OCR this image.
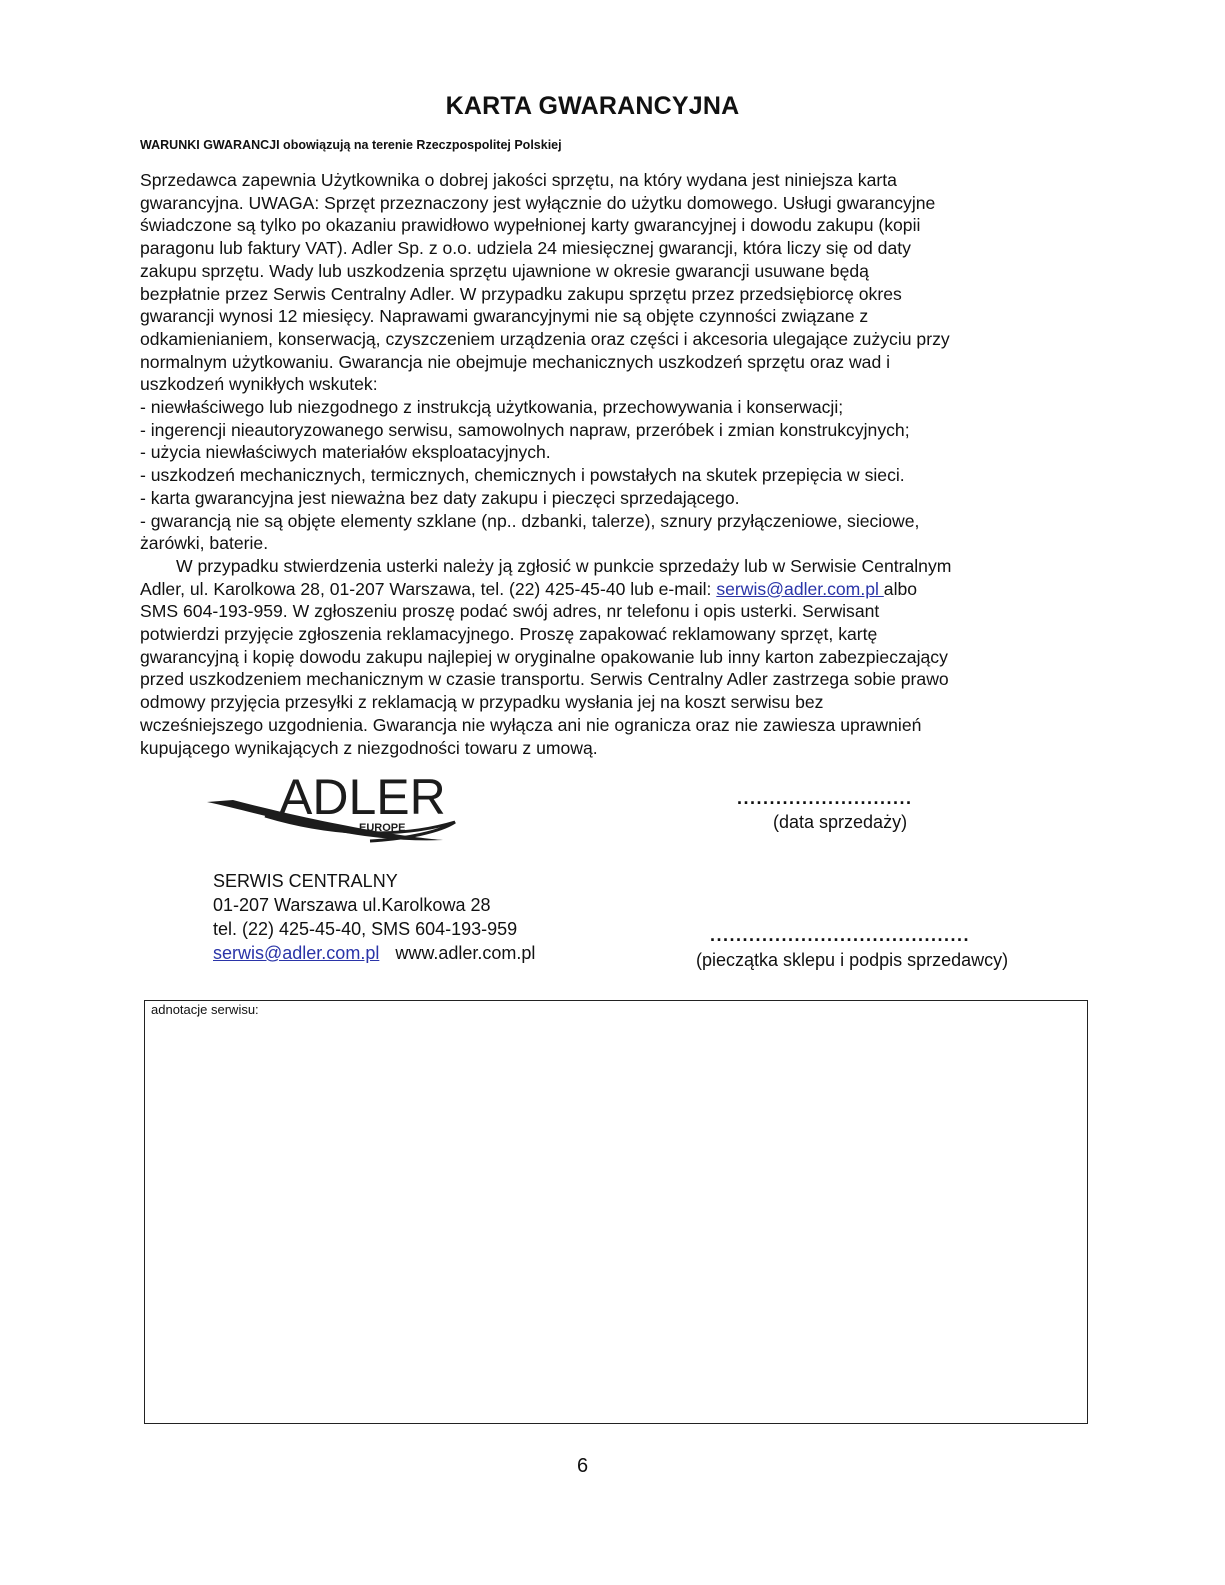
KARTA GWARANCYJNA
WARUNKI GWARANCJI obowiązują na terenie Rzeczpospolitej Polskiej
Sprzedawca zapewnia Użytkownika o dobrej jakości sprzętu, na który wydana jest niniejsza karta
gwarancyjna. UWAGA: Sprzęt przeznaczony jest wyłącznie do użytku domowego. Usługi gwarancyjne
świadczone są tylko po okazaniu prawidłowo wypełnionej karty gwarancyjnej i dowodu zakupu (kopii
paragonu lub faktury VAT). Adler Sp. z o.o. udziela 24 miesięcznej gwarancji, która liczy się od daty
zakupu sprzętu. Wady lub uszkodzenia sprzętu ujawnione w okresie gwarancji usuwane będą
bezpłatnie przez Serwis Centralny Adler. W przypadku zakupu sprzętu przez przedsiębiorcę okres
gwarancji wynosi 12 miesięcy. Naprawami gwarancyjnymi nie są objęte czynności związane z
odkamienianiem, konserwacją, czyszczeniem urządzenia oraz części i akcesoria ulegające zużyciu przy
normalnym użytkowaniu. Gwarancja nie obejmuje mechanicznych uszkodzeń sprzętu oraz wad i
uszkodzeń wynikłych wskutek:
- niewłaściwego lub niezgodnego z instrukcją użytkowania, przechowywania i konserwacji;
- ingerencji nieautoryzowanego serwisu, samowolnych napraw, przeróbek i zmian konstrukcyjnych;
- użycia niewłaściwych materiałów eksploatacyjnych.
- uszkodzeń mechanicznych, termicznych, chemicznych i powstałych na skutek przepięcia w sieci.
- karta gwarancyjna jest nieważna bez daty zakupu i pieczęci sprzedającego.
- gwarancją nie są objęte elementy szklane (np.. dzbanki, talerze), sznury przyłączeniowe, sieciowe,
żarówki, baterie.
W przypadku stwierdzenia usterki należy ją zgłosić w punkcie sprzedaży lub w Serwisie Centralnym
Adler, ul. Karolkowa 28, 01-207 Warszawa, tel. (22) 425-45-40 lub e-mail: serwis@adler.com.pl albo
SMS 604-193-959. W zgłoszeniu proszę podać swój adres, nr telefonu i opis usterki. Serwisant
potwierdzi przyjęcie zgłoszenia reklamacyjnego. Proszę zapakować reklamowany sprzęt, kartę
gwarancyjną i kopię dowodu zakupu najlepiej w oryginalne opakowanie lub inny karton zabezpieczający
przed uszkodzeniem mechanicznym w czasie transportu. Serwis Centralny Adler zastrzega sobie prawo
odmowy przyjęcia przesyłki z reklamacją w przypadku wysłania jej na koszt serwisu bez
wcześniejszego uzgodnienia. Gwarancja nie wyłącza ani nie ogranicza oraz nie zawiesza uprawnień
kupującego wynikających z niezgodności towaru z umową.
ADLER
EUROPE
...........................
(data sprzedaży)
SERWIS CENTRALNY
01-207 Warszawa ul.Karolkowa 28
tel. (22) 425-45-40, SMS 604-193-959
serwis@adler.com.pl www.adler.com.pl
........................................
(pieczątka sklepu i podpis sprzedawcy)
adnotacje serwisu:
6
